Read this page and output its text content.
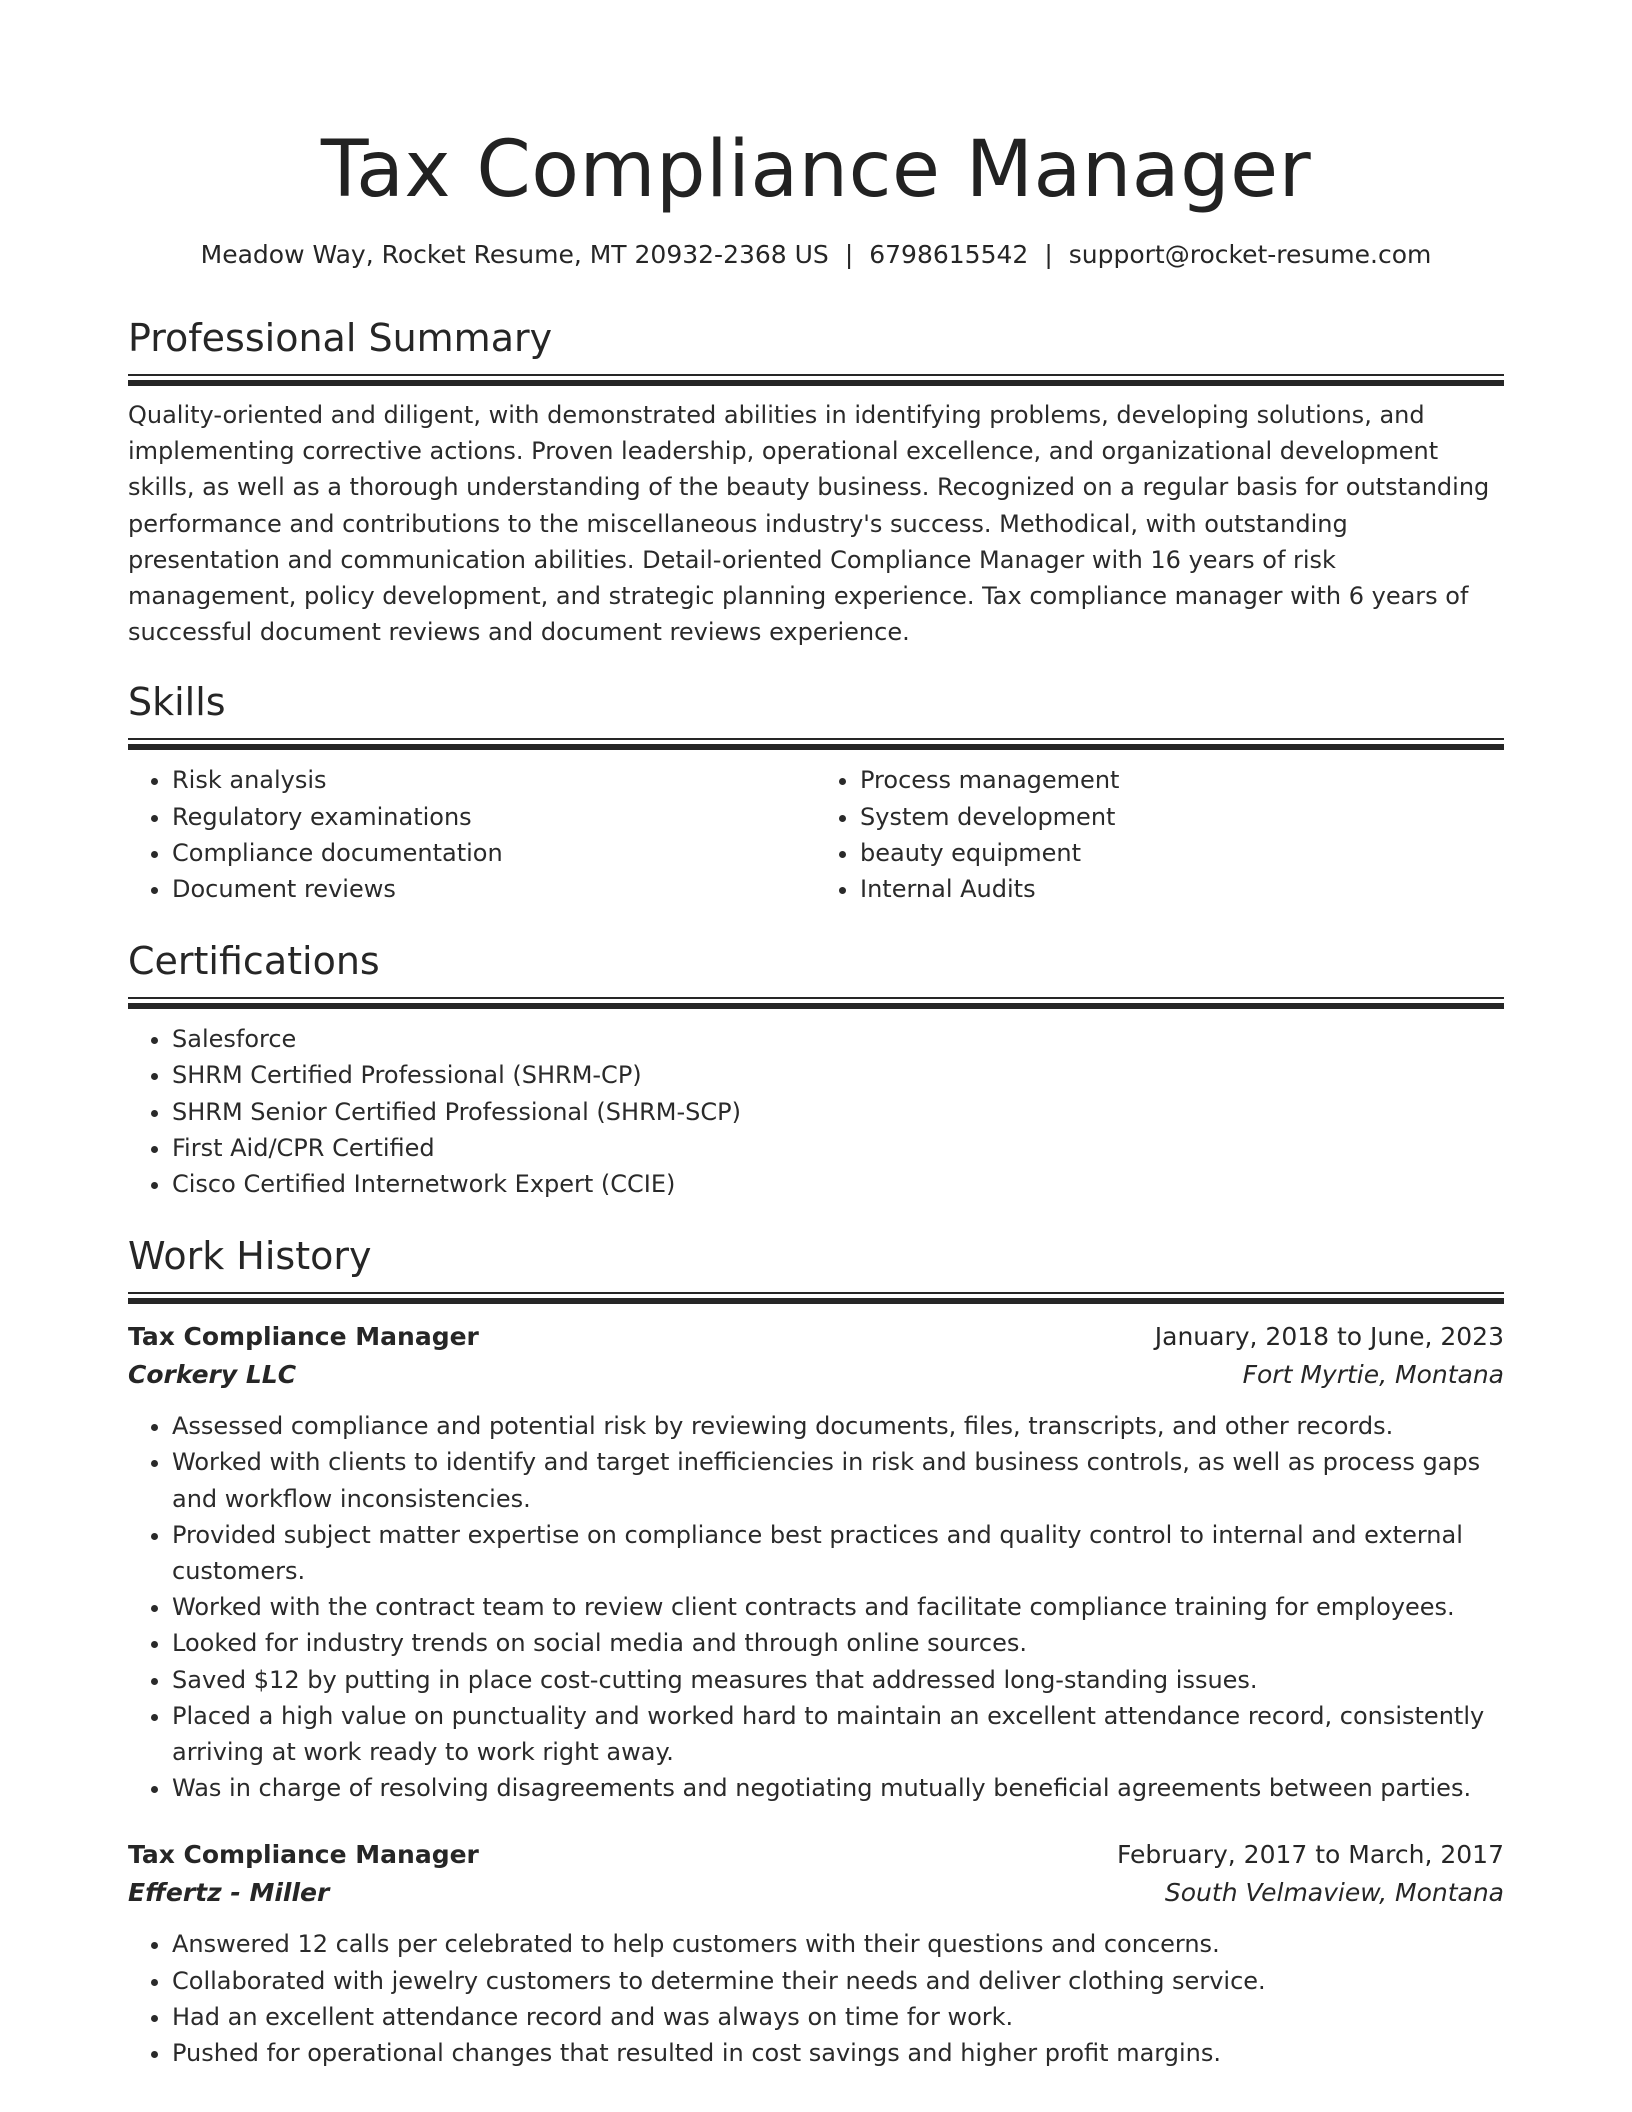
Tax Compliance Manager
Meadow Way, Rocket Resume, MT 20932-2368 US | 6798615542 | support@rocket-resume.com
Professional Summary

Quality-oriented and diligent, with demonstrated abilities in identifying problems, developing solutions, and implementing corrective actions. Proven leadership, operational excellence, and organizational development skills, as well as a thorough understanding of the beauty business. Recognized on a regular basis for outstanding performance and contributions to the miscellaneous industry's success. Methodical, with outstanding presentation and communication abilities. Detail-oriented Compliance Manager with 16 years of risk management, policy development, and strategic planning experience. Tax compliance manager with 6 years of successful document reviews and document reviews experience.

Skills
• Risk analysis
• Regulatory examinations
• Compliance documentation
• Document reviews
• Process management
• System development
• beauty equipment
• Internal Audits
Certifications
• Salesforce
• SHRM Certified Professional (SHRM-CP)
• SHRM Senior Certified Professional (SHRM-SCP)
• First Aid/CPR Certified
• Cisco Certified Internetwork Expert (CCIE)
Work History
Tax Compliance Manager	January, 2018 to June, 2023
Corkery LLC	Fort Myrtie, Montana
• Assessed compliance and potential risk by reviewing documents, files, transcripts, and other records.
• Worked with clients to identify and target inefficiencies in risk and business controls, as well as process gaps and workflow inconsistencies.
• Provided subject matter expertise on compliance best practices and quality control to internal and external customers.
• Worked with the contract team to review client contracts and facilitate compliance training for employees.
• Looked for industry trends on social media and through online sources.
• Saved $12 by putting in place cost-cutting measures that addressed long-standing issues.
• Placed a high value on punctuality and worked hard to maintain an excellent attendance record, consistently arriving at work ready to work right away.
• Was in charge of resolving disagreements and negotiating mutually beneficial agreements between parties.
Tax Compliance Manager	February, 2017 to March, 2017
Effertz - Miller	South Velmaview, Montana
• Answered 12 calls per celebrated to help customers with their questions and concerns.
• Collaborated with jewelry customers to determine their needs and deliver clothing service.
• Had an excellent attendance record and was always on time for work.
• Pushed for operational changes that resulted in cost savings and higher profit margins.
